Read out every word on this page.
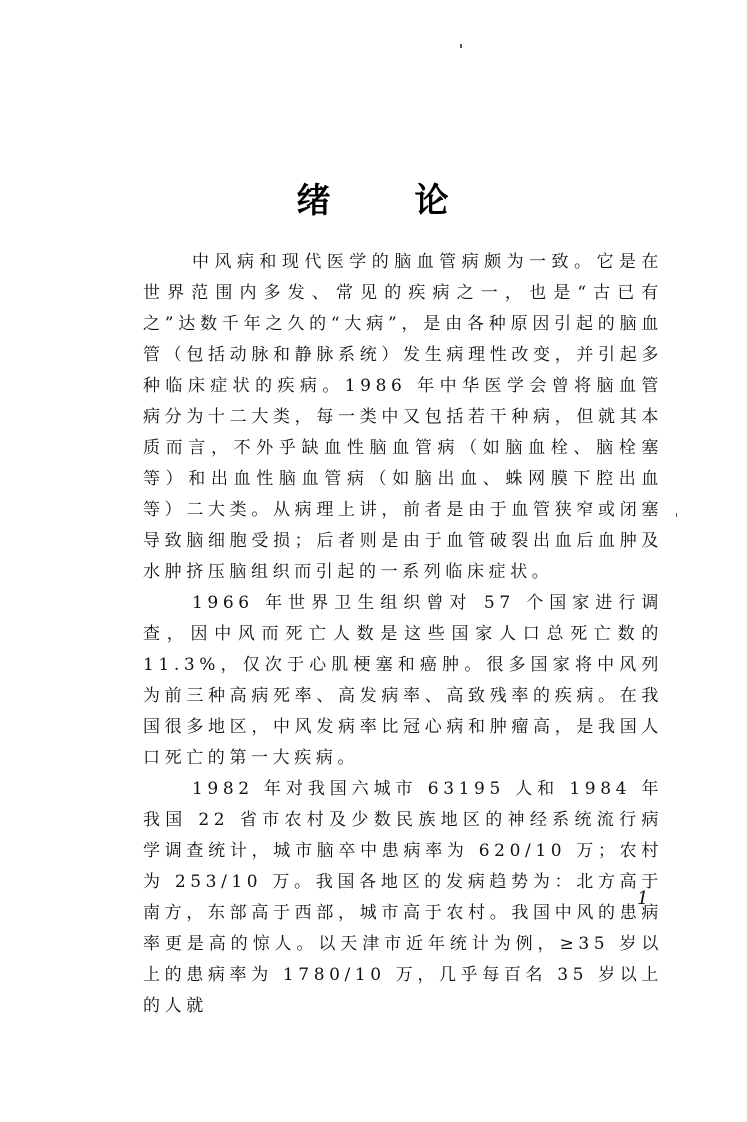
绪 论

中风病和现代医学的脑血管病颇为一致。它是在世界范围内多发、常见的疾病之一，也是“古已有之”达数千年之久的“大病”，是由各种原因引起的脑血管（包括动脉和静脉系统）发生病理性改变，并引起多种临床症状的疾病。1986 年中华医学会曾将脑血管病分为十二大类，每一类中又包括若干种病，但就其本质而言，不外乎缺血性脑血管病（如脑血栓、脑栓塞等）和出血性脑血管病（如脑出血、蛛网膜下腔出血等）二大类。从病理上讲，前者是由于血管狭窄或闭塞导致脑细胞受损；后者则是由于血管破裂出血后血肿及水肿挤压脑组织而引起的一系列临床症状。

1966 年世界卫生组织曾对 57 个国家进行调查，因中风而死亡人数是这些国家人口总死亡数的 11.3%，仅次于心肌梗塞和癌肿。很多国家将中风列为前三种高病死率、高发病率、高致残率的疾病。在我国很多地区，中风发病率比冠心病和肿瘤高，是我国人口死亡的第一大疾病。

1982 年对我国六城市 63195 人和 1984 年我国 22 省市农村及少数民族地区的神经系统流行病学调查统计，城市脑卒中患病率为 620/10 万；农村为 253/10 万。我国各地区的发病趋势为：北方高于南方，东部高于西部，城市高于农村。我国中风的患病率更是高的惊人。以天津市近年统计为例，≥35 岁以上的患病率为 1780/10 万，几乎每百名 35 岁以上的人就

1
